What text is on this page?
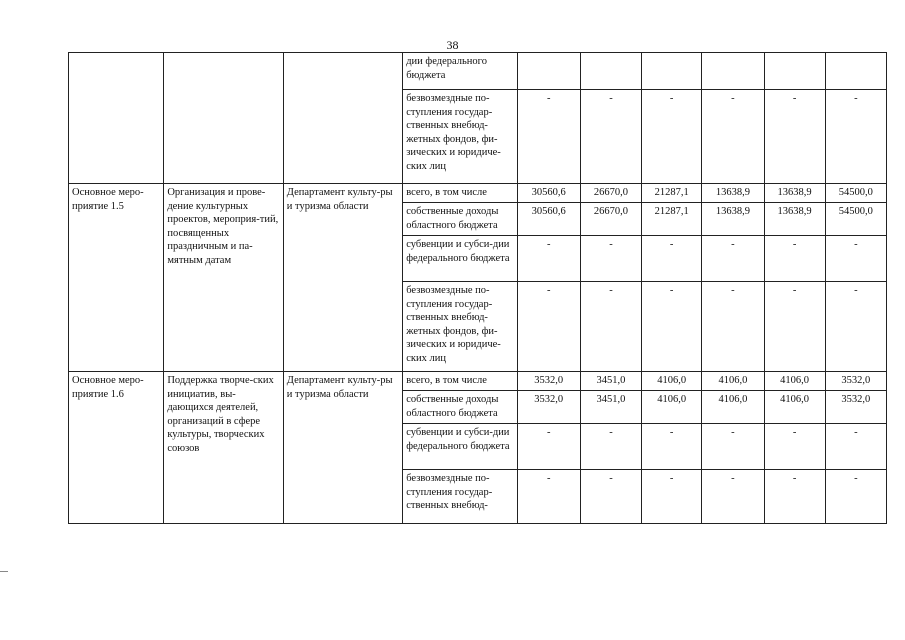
38
			дии федерального бюджета						
			безвозмездные по-ступления государ-ственных внебюд-жетных фондов, фи-зических и юридиче-ских лиц	-	-	-	-	-	-
Основное меро-приятие 1.5	Организация и прове-дение культурных проектов, мероприя-тий, посвященных праздничным и па-мятным датам	Департамент культу-ры и туризма области	всего, в том числе	30560,6	26670,0	21287,1	13638,9	13638,9	54500,0
			собственные доходы областного бюджета	30560,6	26670,0	21287,1	13638,9	13638,9	54500,0
			субвенции и субси-дии федерального бюджета	-	-	-	-	-	-
			безвозмездные по-ступления государ-ственных внебюд-жетных фондов, фи-зических и юридиче-ских лиц	-	-	-	-	-	-
Основное меро-приятие 1.6	Поддержка творче-ских инициатив, вы-дающихся деятелей, организаций в сфере культуры, творческих союзов	Департамент культу-ры и туризма области	всего, в том числе	3532,0	3451,0	4106,0	4106,0	4106,0	3532,0
			собственные доходы областного бюджета	3532,0	3451,0	4106,0	4106,0	4106,0	3532,0
			субвенции и субси-дии федерального бюджета	-	-	-	-	-	-
			безвозмездные по-ступления государ-ственных внебюд-	-	-	-	-	-	-
